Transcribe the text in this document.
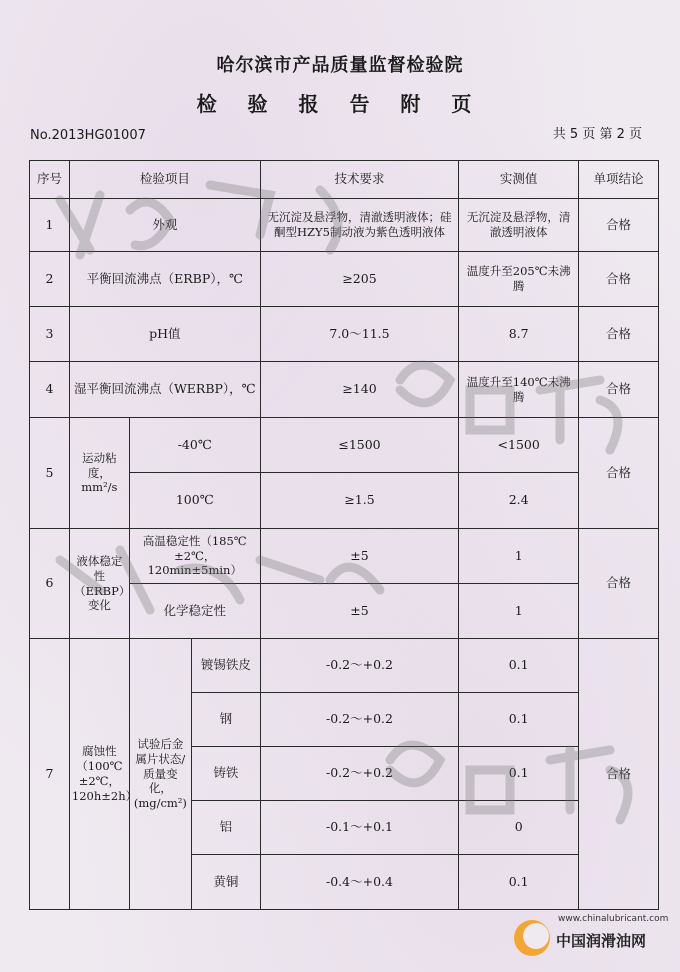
哈尔滨市产品质量监督检验院
检 验 报 告 附 页
No.2013HG01007	共 5 页 第 2 页
序号	检验项目			技术要求	实测值	单项结论
1	外观			无沉淀及悬浮物，清澈透明液体；硅酮型HZY5制动液为紫色透明液体	无沉淀及悬浮物，清澈透明液体	合格
2	平衡回流沸点（ERBP），℃			≥205	温度升至205℃未沸腾	合格
3	pH值			7.0～11.5	8.7	合格
4	湿平衡回流沸点（WERBP），℃			≥140	温度升至140℃未沸腾	合格
5	运动粘度，mm²/s	-40℃		≤1500	<1500	合格
		100℃		≥1.5	2.4	
6	液体稳定性（ERBP）变化	高温稳定性（185℃±2℃，120min±5min）		±5	1	合格
		化学稳定性		±5	1	
7	腐蚀性（100℃±2℃，120h±2h）	试验后金属片状态/质量变化，(mg/cm²)	镀锡铁皮	-0.2～+0.2	0.1	合格
			钢	-0.2～+0.2	0.1	
			铸铁	-0.2～+0.2	0.1	
			铝	-0.1～+0.1	0	
			黄铜	-0.4～+0.4	0.1	
www.chinalubricant.com
中国润滑油网
